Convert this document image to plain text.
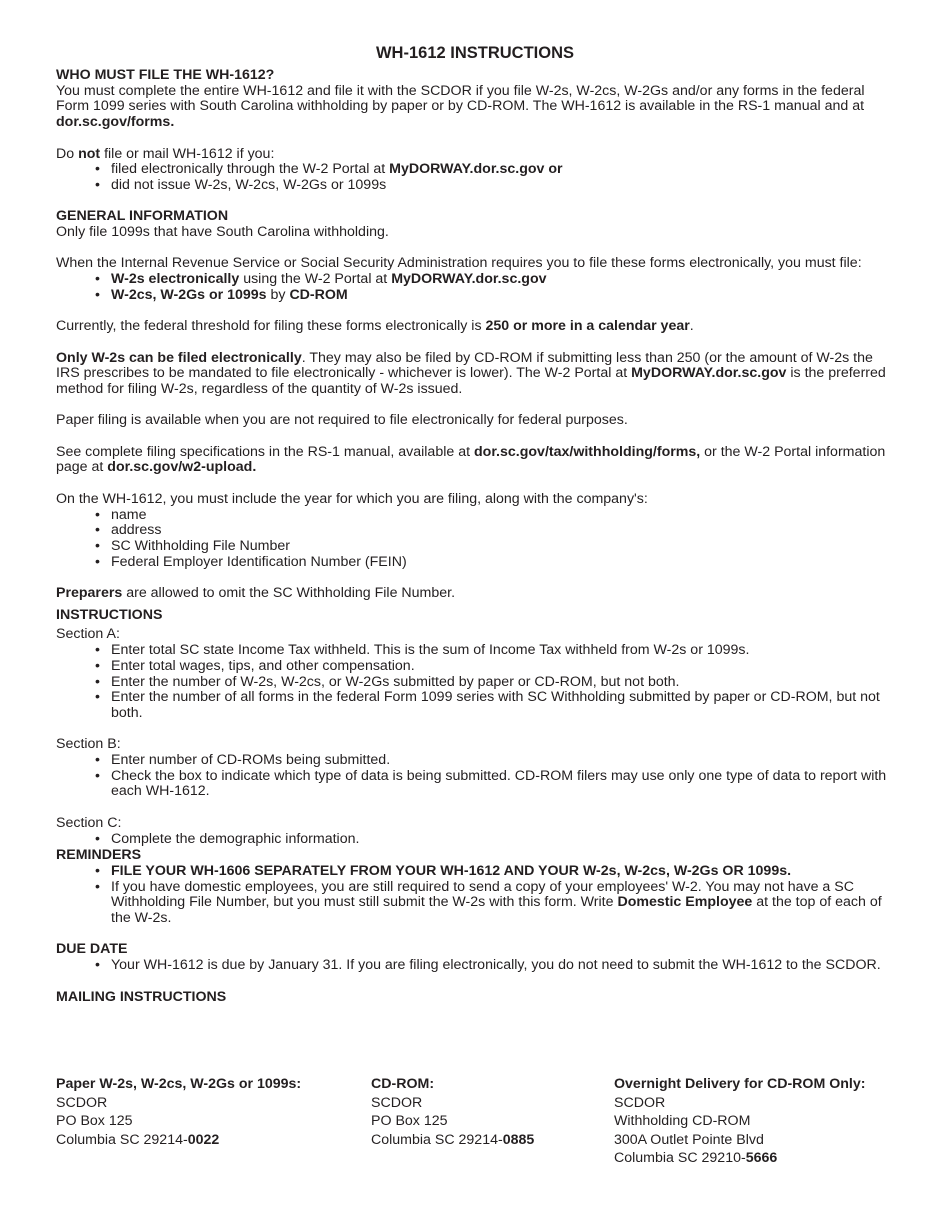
WH-1612 INSTRUCTIONS

WHO MUST FILE THE WH-1612?

You must complete the entire WH-1612 and file it with the SCDOR if you file W-2s, W-2cs, W-2Gs and/or any forms in the federal Form 1099 series with South Carolina withholding by paper or by CD-ROM. The WH-1612 is available in the RS-1 manual and at dor.sc.gov/forms.

Do not file or mail WH-1612 if you:

• filed electronically through the W-2 Portal at MyDORWAY.dor.sc.gov or
• did not issue W-2s, W-2cs, W-2Gs or 1099s

GENERAL INFORMATION

Only file 1099s that have South Carolina withholding.

When the Internal Revenue Service or Social Security Administration requires you to file these forms electronically, you must file:

• W-2s electronically using the W-2 Portal at MyDORWAY.dor.sc.gov
• W-2cs, W-2Gs or 1099s by CD-ROM

Currently, the federal threshold for filing these forms electronically is 250 or more in a calendar year.

Only W-2s can be filed electronically. They may also be filed by CD-ROM if submitting less than 250 (or the amount of W-2s the IRS prescribes to be mandated to file electronically - whichever is lower). The W-2 Portal at MyDORWAY.dor.sc.gov is the preferred method for filing W-2s, regardless of the quantity of W-2s issued.

Paper filing is available when you are not required to file electronically for federal purposes.

See complete filing specifications in the RS-1 manual, available at dor.sc.gov/tax/withholding/forms, or the W-2 Portal information page at dor.sc.gov/w2-upload.

On the WH-1612, you must include the year for which you are filing, along with the company's:

• name
• address
• SC Withholding File Number
• Federal Employer Identification Number (FEIN)

Preparers are allowed to omit the SC Withholding File Number.

INSTRUCTIONS

Section A:

• Enter total SC state Income Tax withheld. This is the sum of Income Tax withheld from W-2s or 1099s.
• Enter total wages, tips, and other compensation.
• Enter the number of W-2s, W-2cs, or W-2Gs submitted by paper or CD-ROM, but not both.
• Enter the number of all forms in the federal Form 1099 series with SC Withholding submitted by paper or CD-ROM, but not both.

Section B:

• Enter number of CD-ROMs being submitted.
• Check the box to indicate which type of data is being submitted. CD-ROM filers may use only one type of data to report with each WH-1612.

Section C:

• Complete the demographic information.

REMINDERS

• FILE YOUR WH-1606 SEPARATELY FROM YOUR WH-1612 AND YOUR W-2s, W-2cs, W-2Gs OR 1099s.
• If you have domestic employees, you are still required to send a copy of your employees' W-2. You may not have a SC Withholding File Number, but you must still submit the W-2s with this form. Write Domestic Employee at the top of each of the W-2s.

DUE DATE

• Your WH-1612 is due by January 31. If you are filing electronically, you do not need to submit the WH-1612 to the SCDOR.

MAILING INSTRUCTIONS

Paper W-2s, W-2cs, W-2Gs or 1099s:
SCDOR
PO Box 125
Columbia SC 29214-0022
CD-ROM:
SCDOR
PO Box 125
Columbia SC 29214-0885
Overnight Delivery for CD-ROM Only:
SCDOR
Withholding CD-ROM
300A Outlet Pointe Blvd
Columbia SC 29210-5666
